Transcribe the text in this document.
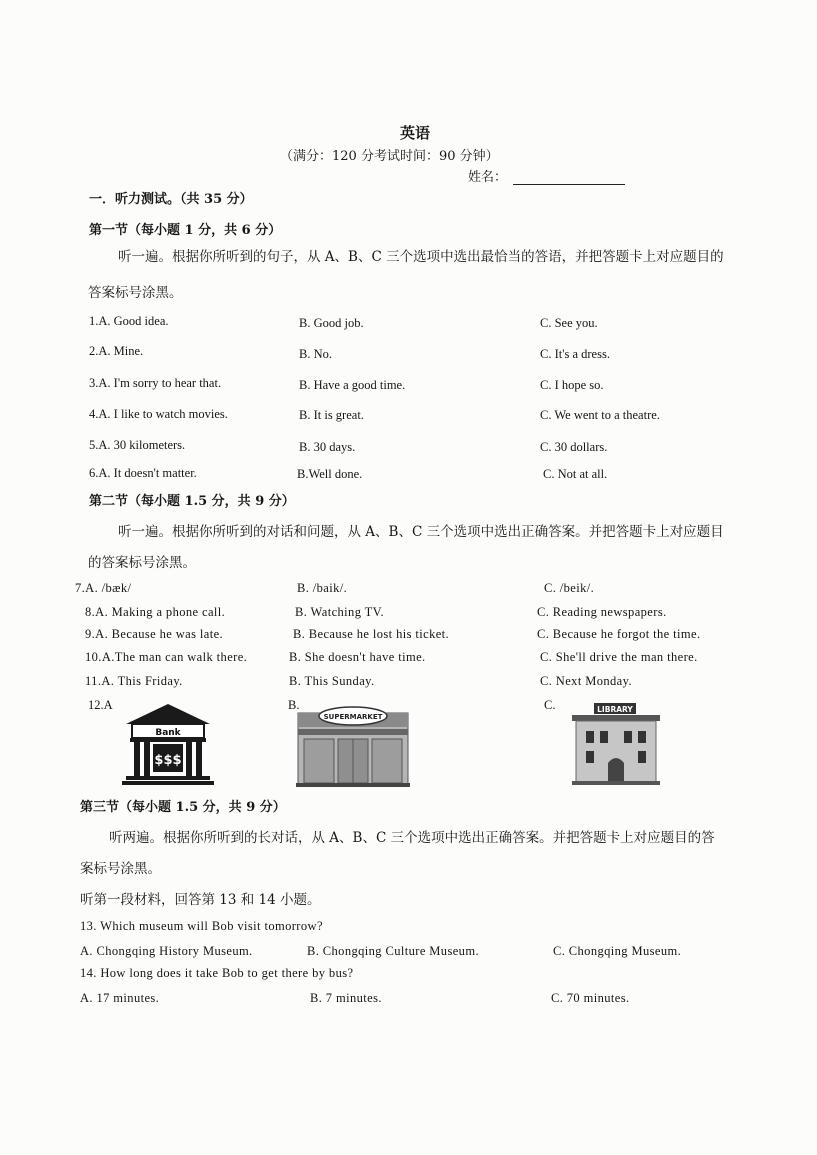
英语
（满分：120 分考试时间：90 分钟）
姓名：
一．听力测试。（共 35 分）
第一节（每小题 1 分，共 6 分）
听一遍。根据你所听到的句子，从 A、B、C 三个选项中选出最恰当的答语，并把答题卡上对应题目的
答案标号涂黑。
1.A. Good idea.	B. Good job.	C. See you.
2.A. Mine.	B. No.	C. It's a dress.
3.A. I'm sorry to hear that.	B. Have a good time.	C. I hope so.
4.A. I like to watch movies.	B. It is great.	C. We went to a theatre.
5.A. 30 kilometers.	B. 30 days.	C. 30 dollars.
6.A. It doesn't matter.	B.Well done.	C. Not at all.
第二节（每小题 1.5 分，共 9 分）
听一遍。根据你所听到的对话和问题，从 A、B、C 三个选项中选出正确答案。并把答题卡上对应题目
的答案标号涂黑。
7.A. /bæk/	B. /baik/.	C. /beik/.
8.A. Making a phone call.	B. Watching TV.	C. Reading newspapers.
9.A. Because he was late.	B. Because he lost his ticket.	C. Because he forgot the time.
10.A.The man can walk there.	B. She doesn't have time.	C. She'll drive the man there.
11.A. This Friday.	B. This Sunday.	C. Next Monday.
12.A	B.	C.
Bank
$$$
SUPERMARKET
LIBRARY
第三节（每小题 1.5 分，共 9 分）
听两遍。根据你所听到的长对话，从 A、B、C 三个选项中选出正确答案。并把答题卡上对应题目的答
案标号涂黑。
听第一段材料，回答第 13 和 14 小题。
13. Which museum will Bob visit tomorrow?
A. Chongqing History Museum.	B. Chongqing Culture Museum.	C. Chongqing Museum.
14. How long does it take Bob to get there by bus?
A. 17 minutes.	B. 7 minutes.	C. 70 minutes.
